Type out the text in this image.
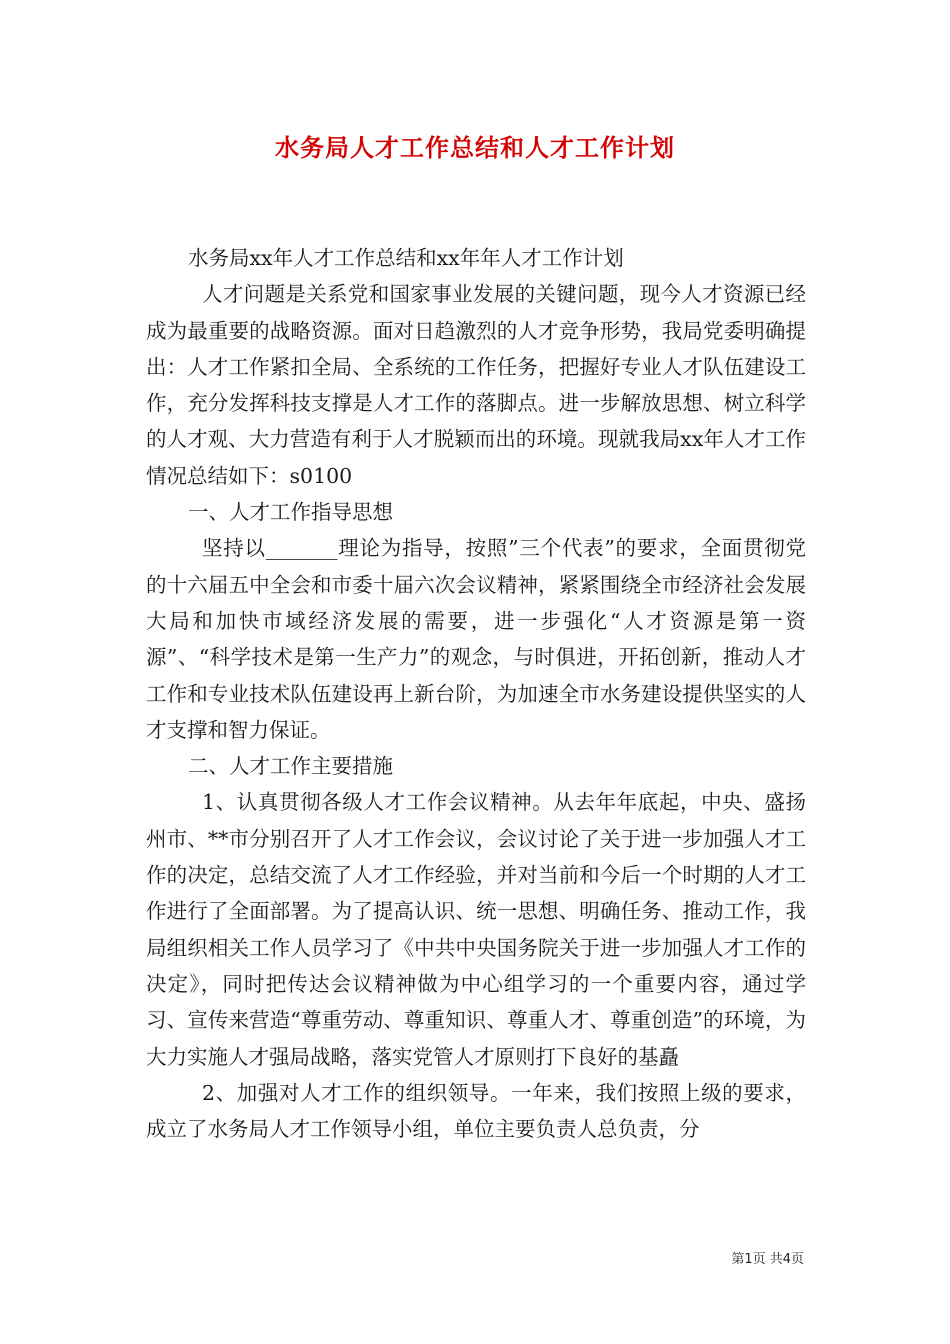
水务局人才工作总结和人才工作计划

水务局xx年人才工作总结和xx年年人才工作计划

人才问题是关系党和国家事业发展的关键问题，现今人才资源已经成为最重要的战略资源。面对日趋激烈的人才竞争形势，我局党委明确提出：人才工作紧扣全局、全系统的工作任务，把握好专业人才队伍建设工作，充分发挥科技支撑是人才工作的落脚点。进一步解放思想、树立科学的人才观、大力营造有利于人才脱颖而出的环境。现就我局xx年人才工作情况总结如下：s0100

一、人才工作指导思想

坚持以_______理论为指导，按照”三个代表”的要求，全面贯彻党的十六届五中全会和市委十届六次会议精神，紧紧围绕全市经济社会发展大局和加快市域经济发展的需要，进一步强化“人才资源是第一资源”、“科学技术是第一生产力”的观念，与时俱进，开拓创新，推动人才工作和专业技术队伍建设再上新台阶，为加速全市水务建设提供坚实的人才支撑和智力保证。

二、人才工作主要措施

1、认真贯彻各级人才工作会议精神。从去年年底起，中央、盛扬州市、**市分别召开了人才工作会议，会议讨论了关于进一步加强人才工作的决定，总结交流了人才工作经验，并对当前和今后一个时期的人才工作进行了全面部署。为了提高认识、统一思想、明确任务、推动工作，我局组织相关工作人员学习了《中共中央国务院关于进一步加强人才工作的决定》，同时把传达会议精神做为中心组学习的一个重要内容，通过学习、宣传来营造“尊重劳动、尊重知识、尊重人才、尊重创造”的环境，为大力实施人才强局战略，落实党管人才原则打下良好的基矗

2、加强对人才工作的组织领导。一年来，我们按照上级的要求，成立了水务局人才工作领导小组，单位主要负责人总负责，分

第1页 共4页
